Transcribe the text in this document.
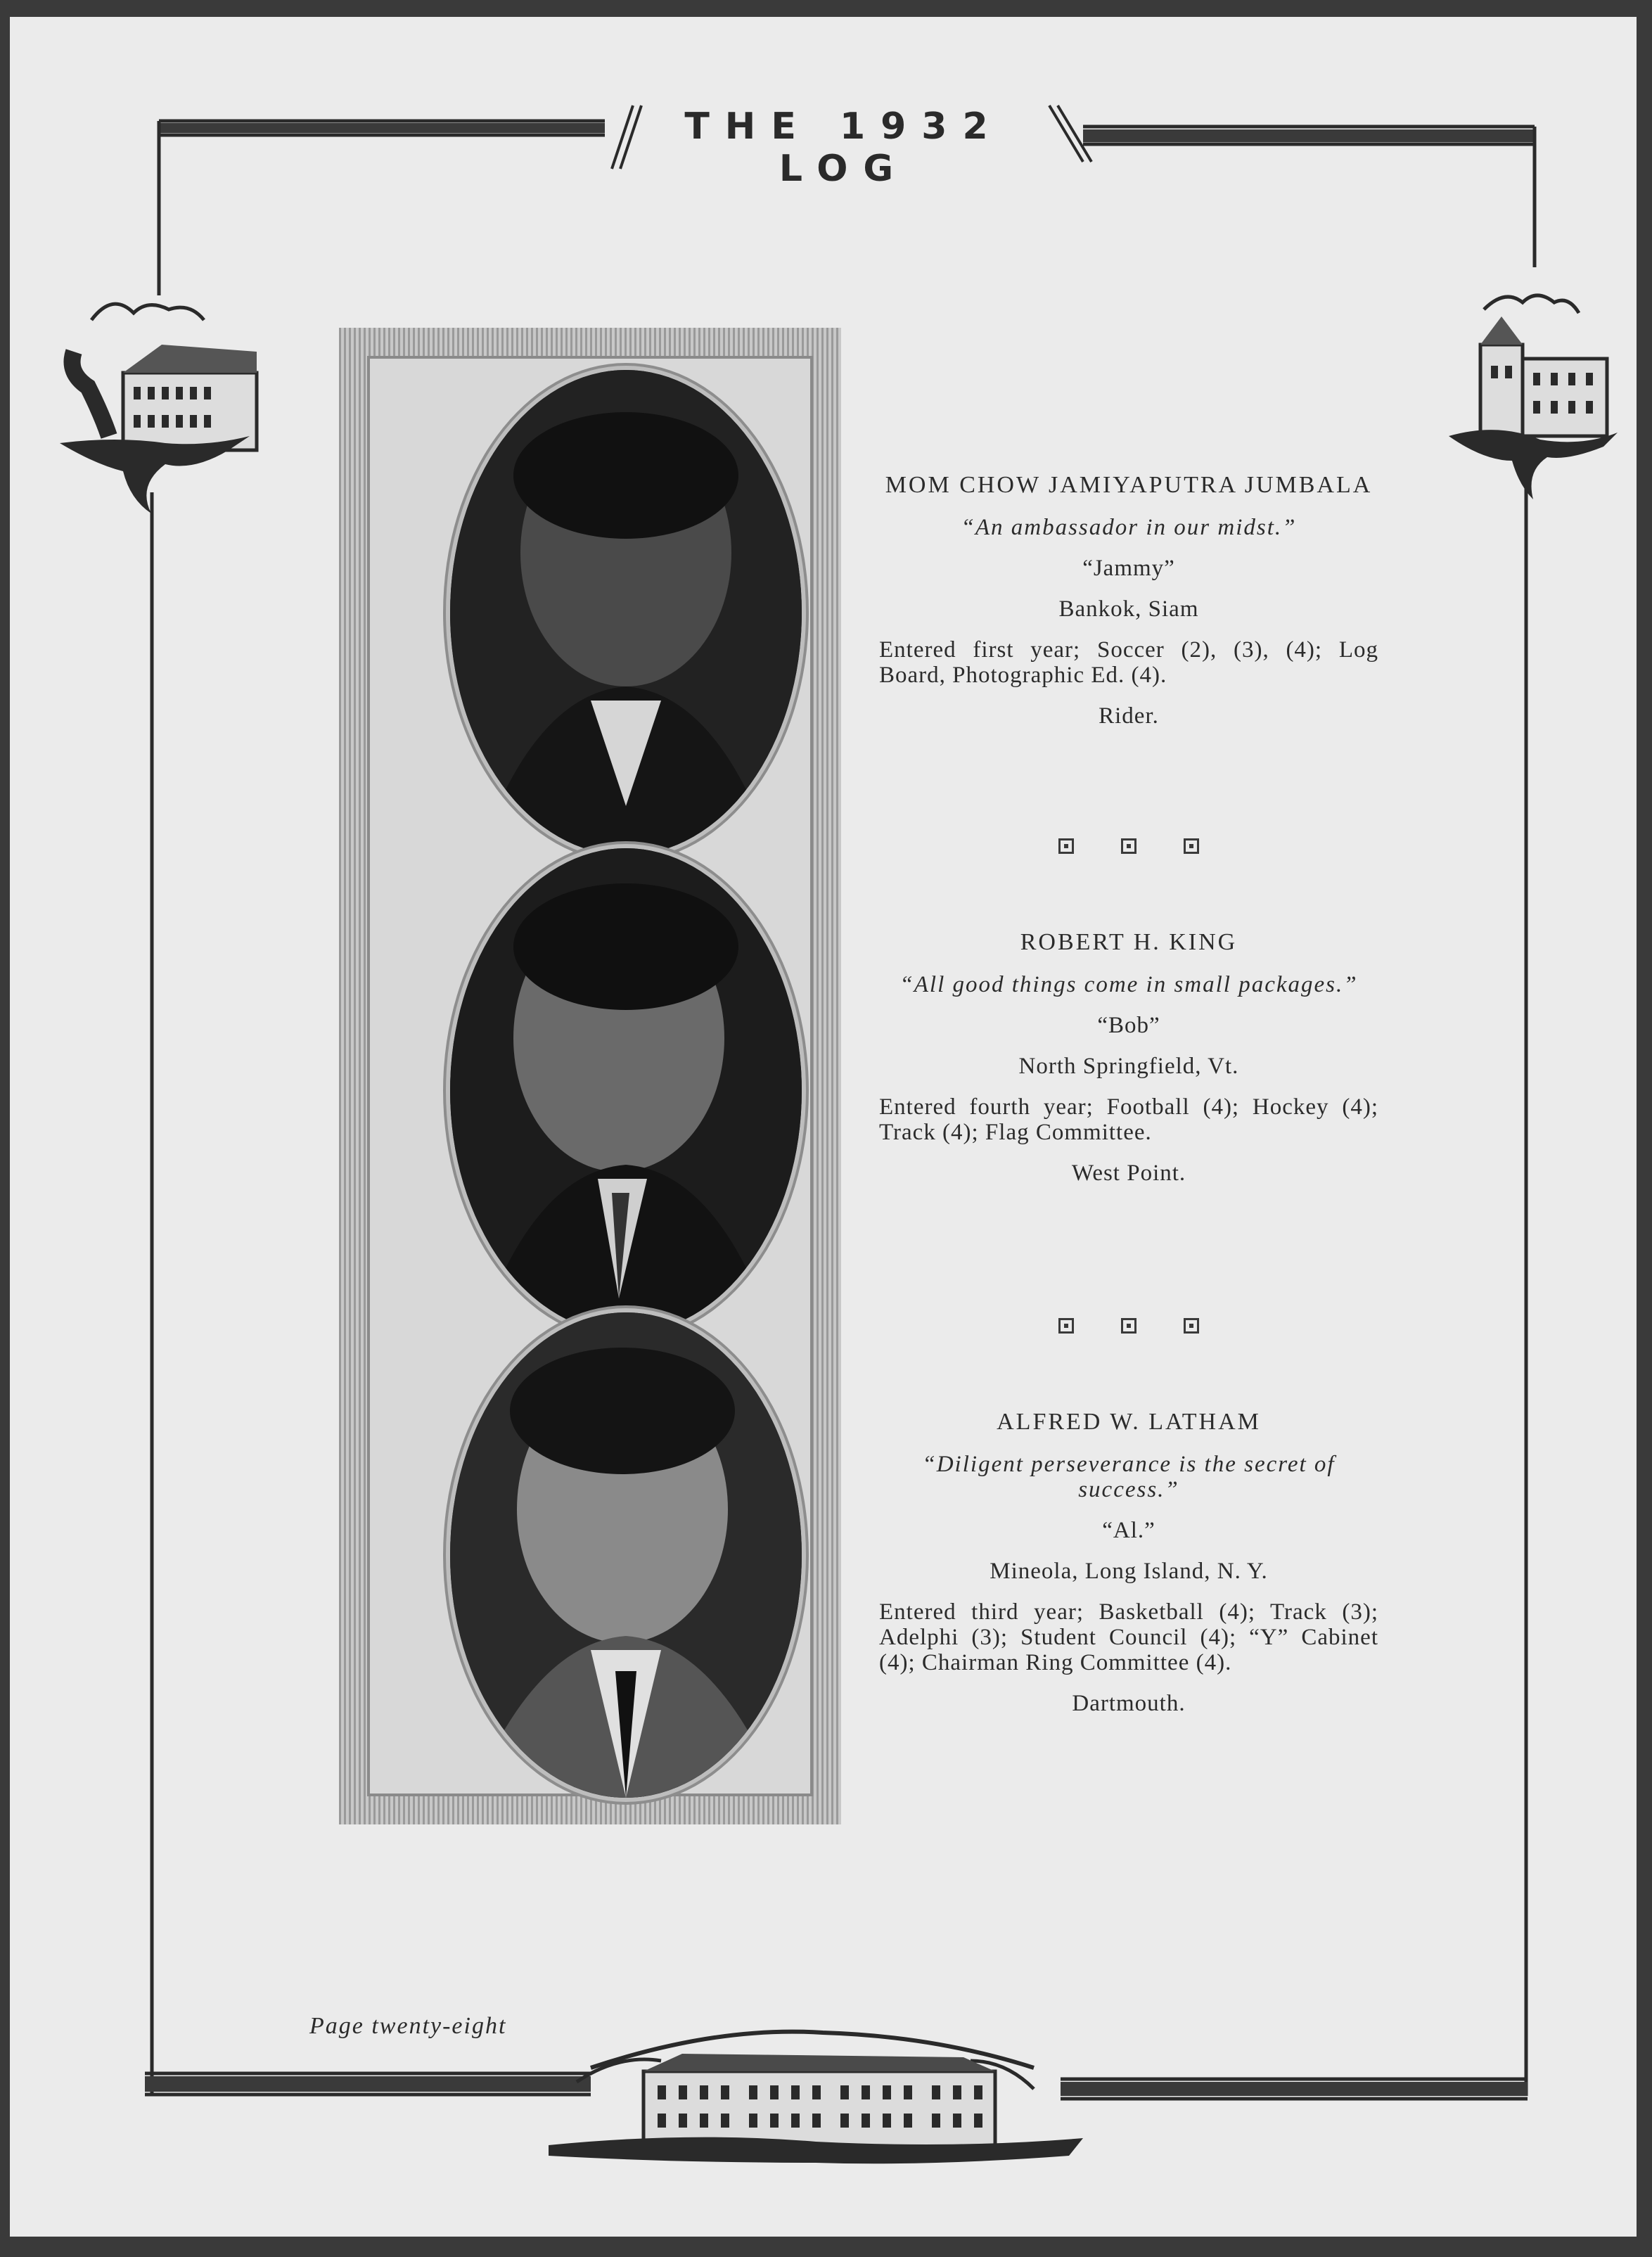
THE 1932 LOG
MOM CHOW JAMIYAPUTRA JUMBALA
“An ambassador in our midst.”
“Jammy”
Bankok, Siam
Entered first year; Soccer (2), (3), (4); Log Board, Photographic Ed. (4).
Rider.
ROBERT H. KING
“All good things come in small packages.”
“Bob”
North Springfield, Vt.
Entered fourth year; Football (4); Hockey (4); Track (4); Flag Committee.
West Point.
ALFRED W. LATHAM
“Diligent perseverance is the secret of success.”
“Al.”
Mineola, Long Island, N. Y.
Entered third year; Basketball (4); Track (3); Adelphi (3); Student Council (4); “Y” Cabinet (4); Chairman Ring Committee (4).
Dartmouth.
Page twenty-eight
